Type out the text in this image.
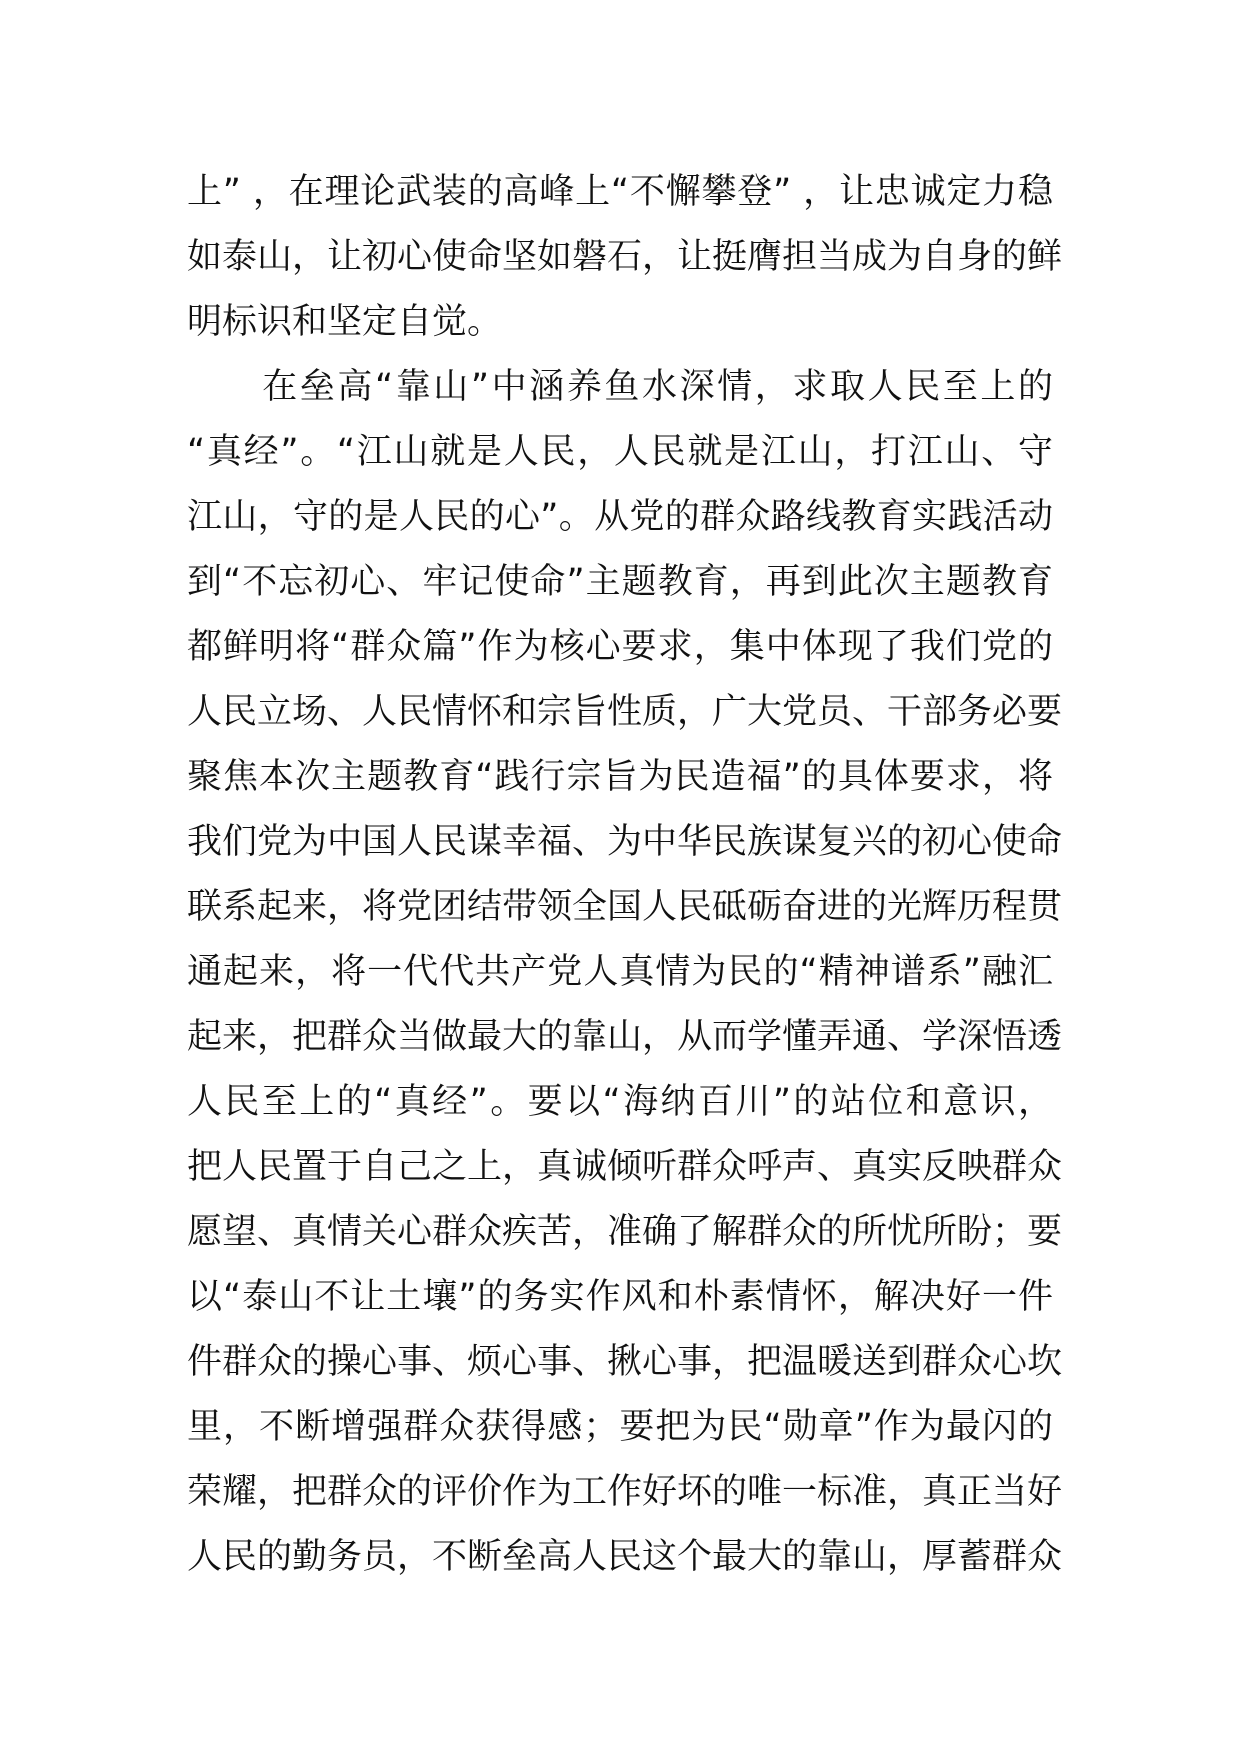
上” ，在理论武装的高峰上“不懈攀登” ，让忠诚定力稳
如泰山，让初心使命坚如磐石，让挺膺担当成为自身的鲜
明标识和坚定自觉。
　　在垒高“靠山”中涵养鱼水深情，求取人民至上的
“真经”。“江山就是人民，人民就是江山，打江山、守
江山，守的是人民的心”。从党的群众路线教育实践活动
到“不忘初心、牢记使命”主题教育，再到此次主题教育
都鲜明将“群众篇”作为核心要求，集中体现了我们党的
人民立场、人民情怀和宗旨性质，广大党员、干部务必要
聚焦本次主题教育“践行宗旨为民造福”的具体要求，将
我们党为中国人民谋幸福、为中华民族谋复兴的初心使命
联系起来，将党团结带领全国人民砥砺奋进的光辉历程贯
通起来，将一代代共产党人真情为民的“精神谱系”融汇
起来，把群众当做最大的靠山，从而学懂弄通、学深悟透
人民至上的“真经”。要以“海纳百川”的站位和意识，
把人民置于自己之上，真诚倾听群众呼声、真实反映群众
愿望、真情关心群众疾苦，准确了解群众的所忧所盼；要
以“泰山不让土壤”的务实作风和朴素情怀，解决好一件
件群众的操心事、烦心事、揪心事，把温暖送到群众心坎
里，不断增强群众获得感；要把为民“勋章”作为最闪的
荣耀，把群众的评价作为工作好坏的唯一标准，真正当好
人民的勤务员，不断垒高人民这个最大的靠山，厚蓄群众
